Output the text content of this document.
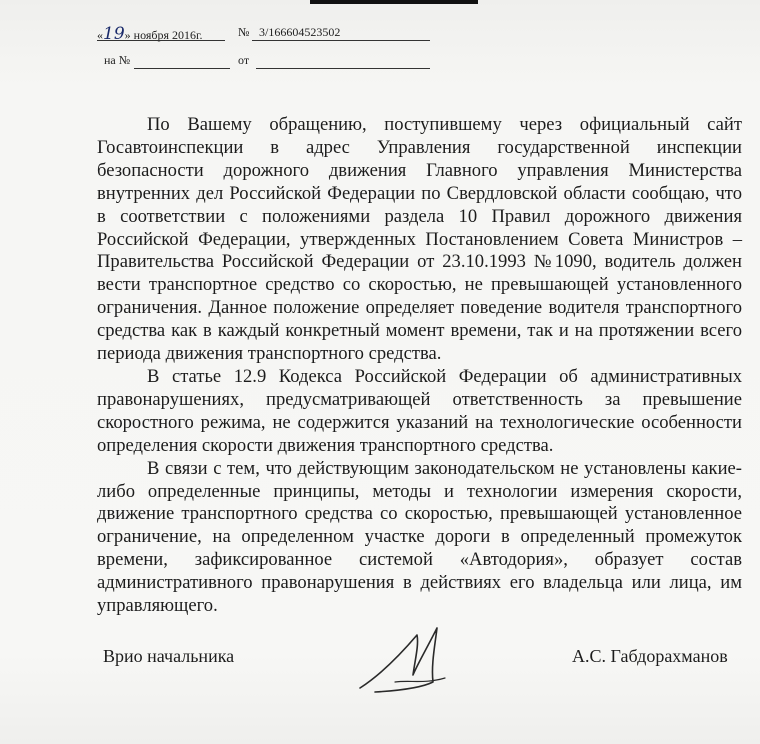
«19» ноября 2016г.	№ 3/166604523502
на №	от

По Вашему обращению, поступившему через официальный сайт Госавтоинспекции в адрес Управления государственной инспекции безопасности дорожного движения Главного управления Министерства внутренних дел Российской Федерации по Свердловской области сообщаю, что в соответствии с положениями раздела 10 Правил дорожного движения Российской Федерации, утвержденных Постановлением Совета Министров – Правительства Российской Федерации от 23.10.1993 №1090, водитель должен вести транспортное средство со скоростью, не превышающей установленного ограничения. Данное положение определяет поведение водителя транспортного средства как в каждый конкретный момент времени, так и на протяжении всего периода движения транспортного средства.

В статье 12.9 Кодекса Российской Федерации об административных правонарушениях, предусматривающей ответственность за превышение скоростного режима, не содержится указаний на технологические особенности определения скорости движения транспортного средства.

В связи с тем, что действующим законодательском не установлены какие-либо определенные принципы, методы и технологии измерения скорости, движение транспортного средства со скоростью, превышающей установленное ограничение, на определенном участке дороги в определенный промежуток времени, зафиксированное системой «Автодория», образует состав административного правонарушения в действиях его владельца или лица, им управляющего.

Врио начальника	А.С. Габдорахманов
